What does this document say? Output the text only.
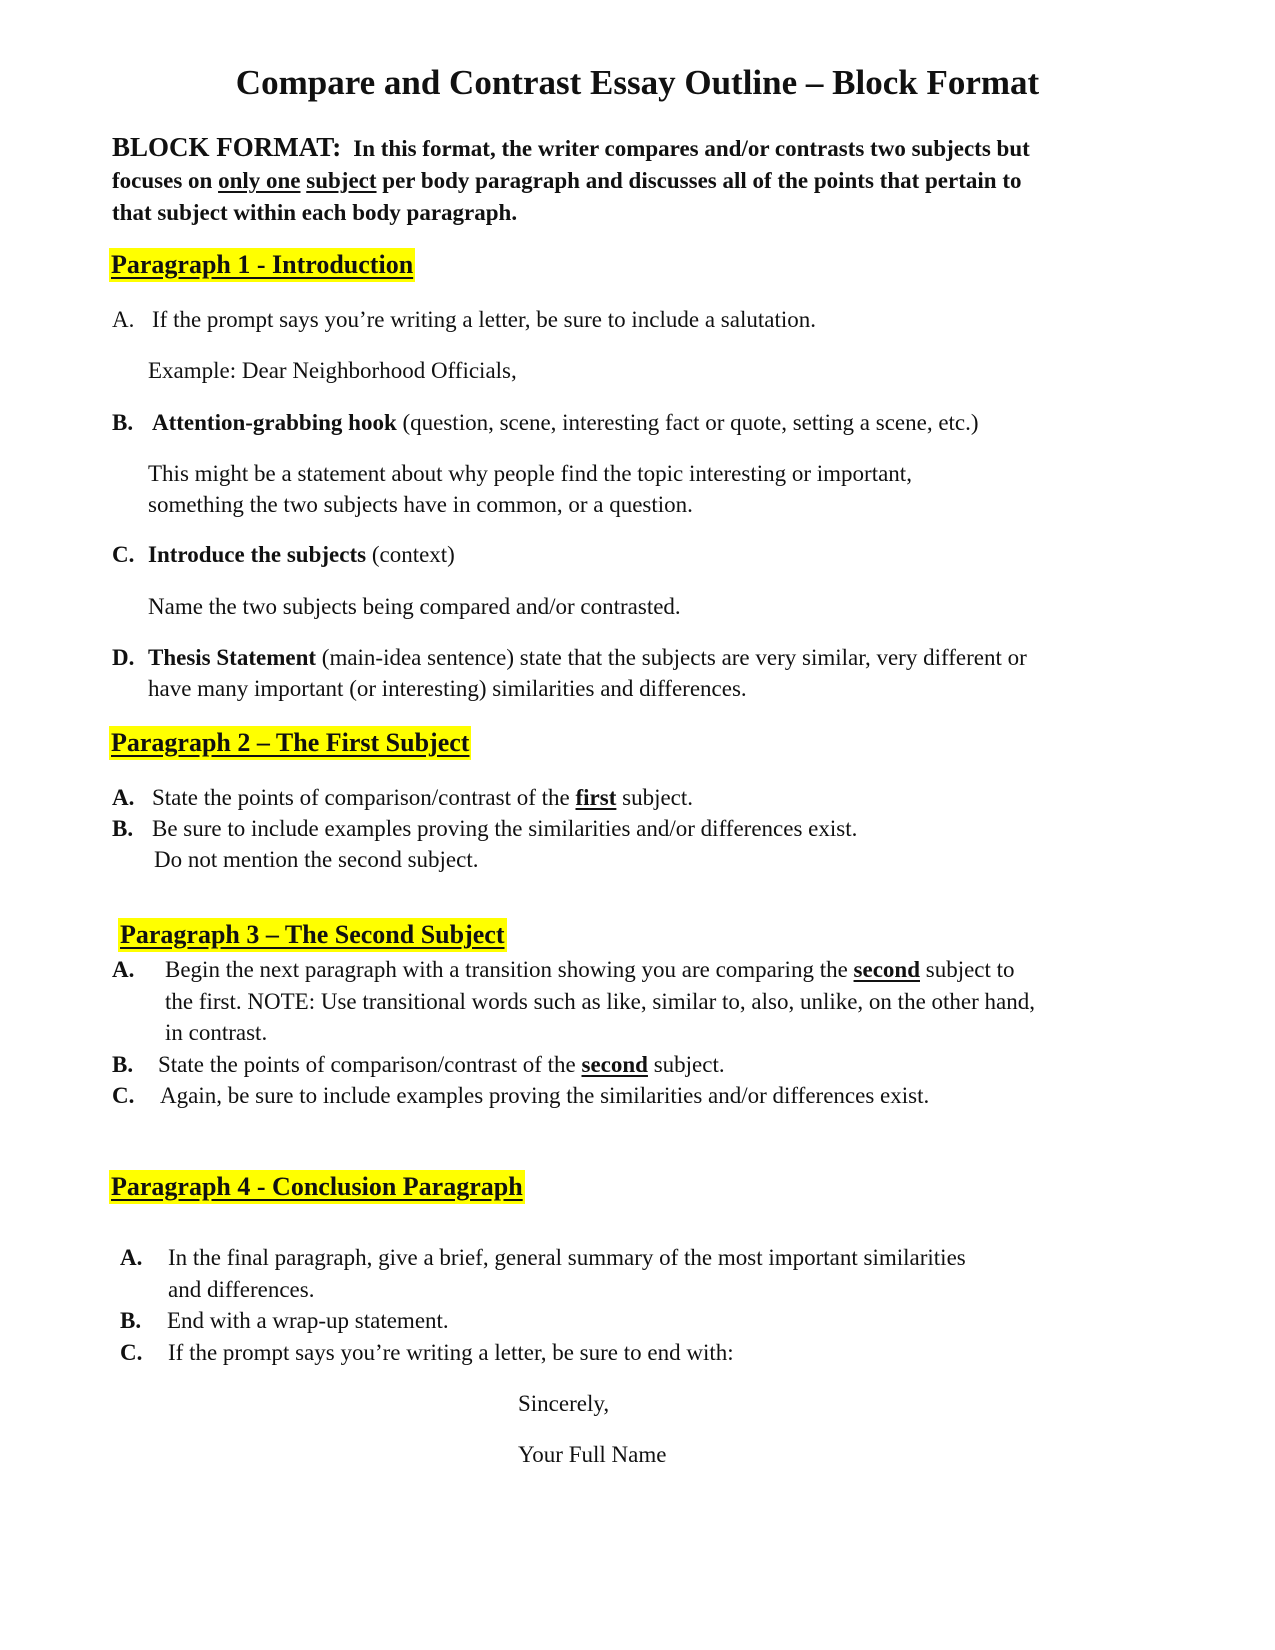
Compare and Contrast Essay Outline – Block Format
BLOCK FORMAT: In this format, the writer compares and/or contrasts two subjects but
focuses on only one subject per body paragraph and discusses all of the points that pertain to
that subject within each body paragraph.
Paragraph 1 - Introduction
A. If the prompt says you’re writing a letter, be sure to include a salutation.
Example: Dear Neighborhood Officials,
B. Attention-grabbing hook (question, scene, interesting fact or quote, setting a scene, etc.)
This might be a statement about why people find the topic interesting or important,
something the two subjects have in common, or a question.
C. Introduce the subjects (context)
Name the two subjects being compared and/or contrasted.
D. Thesis Statement (main-idea sentence) state that the subjects are very similar, very different or
have many important (or interesting) similarities and differences.
Paragraph 2 – The First Subject
A. State the points of comparison/contrast of the first subject.
B. Be sure to include examples proving the similarities and/or differences exist.
Do not mention the second subject.
Paragraph 3 – The Second Subject
A. Begin the next paragraph with a transition showing you are comparing the second subject to
the first. NOTE: Use transitional words such as like, similar to, also, unlike, on the other hand,
in contrast.
B. State the points of comparison/contrast of the second subject.
C. Again, be sure to include examples proving the similarities and/or differences exist.
Paragraph 4 - Conclusion Paragraph
A. In the final paragraph, give a brief, general summary of the most important similarities
and differences.
B. End with a wrap-up statement.
C. If the prompt says you’re writing a letter, be sure to end with:
Sincerely,
Your Full Name
